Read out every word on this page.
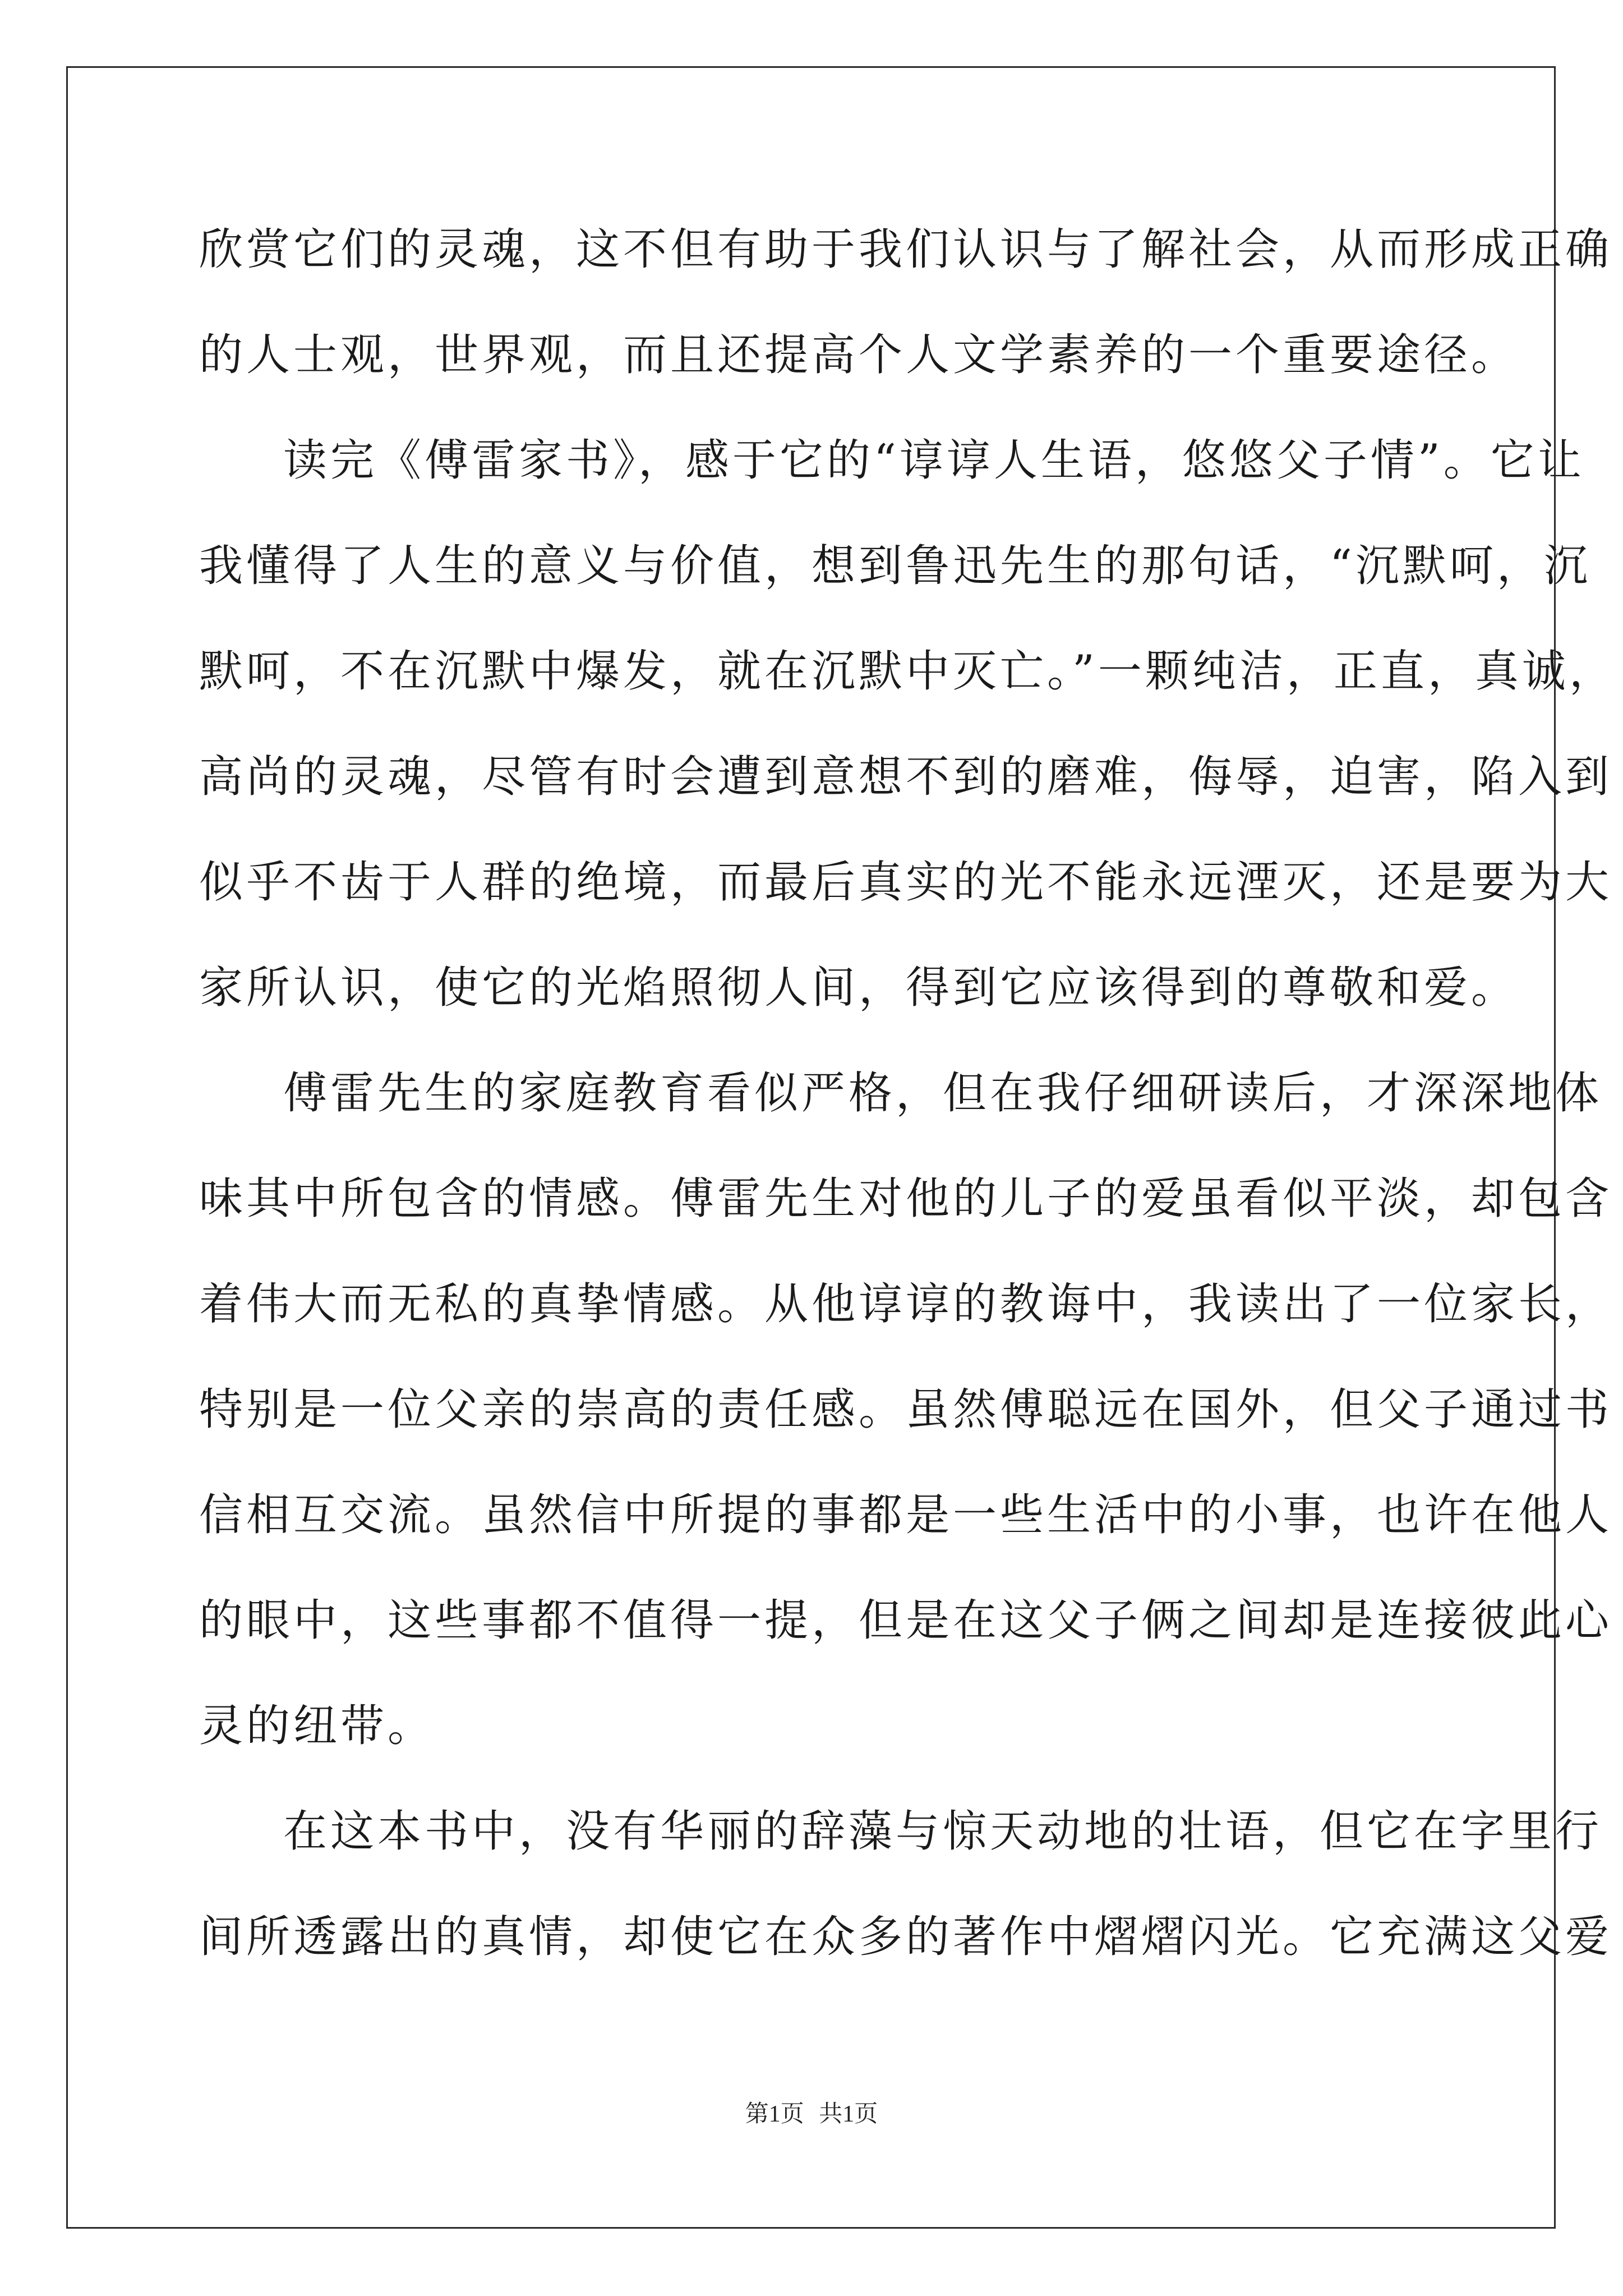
欣赏它们的灵魂，这不但有助于我们认识与了解社会，从而形成正确
的人士观，世界观，而且还提高个人文学素养的一个重要途径。
读完《傅雷家书》，感于它的“谆谆人生语，悠悠父子情”。它让
我懂得了人生的意义与价值，想到鲁迅先生的那句话，“沉默呵，沉
默呵，不在沉默中爆发，就在沉默中灭亡。”一颗纯洁，正直，真诚，
高尚的灵魂，尽管有时会遭到意想不到的磨难，侮辱，迫害，陷入到
似乎不齿于人群的绝境，而最后真实的光不能永远湮灭，还是要为大
家所认识，使它的光焰照彻人间，得到它应该得到的尊敬和爱。
傅雷先生的家庭教育看似严格，但在我仔细研读后，才深深地体
味其中所包含的情感。傅雷先生对他的儿子的爱虽看似平淡，却包含
着伟大而无私的真挚情感。从他谆谆的教诲中，我读出了一位家长，
特别是一位父亲的崇高的责任感。虽然傅聪远在国外，但父子通过书
信相互交流。虽然信中所提的事都是一些生活中的小事，也许在他人
的眼中，这些事都不值得一提，但是在这父子俩之间却是连接彼此心
灵的纽带。
在这本书中，没有华丽的辞藻与惊天动地的壮语，但它在字里行
间所透露出的真情，却使它在众多的著作中熠熠闪光。它充满这父爱
第1页 共1页
